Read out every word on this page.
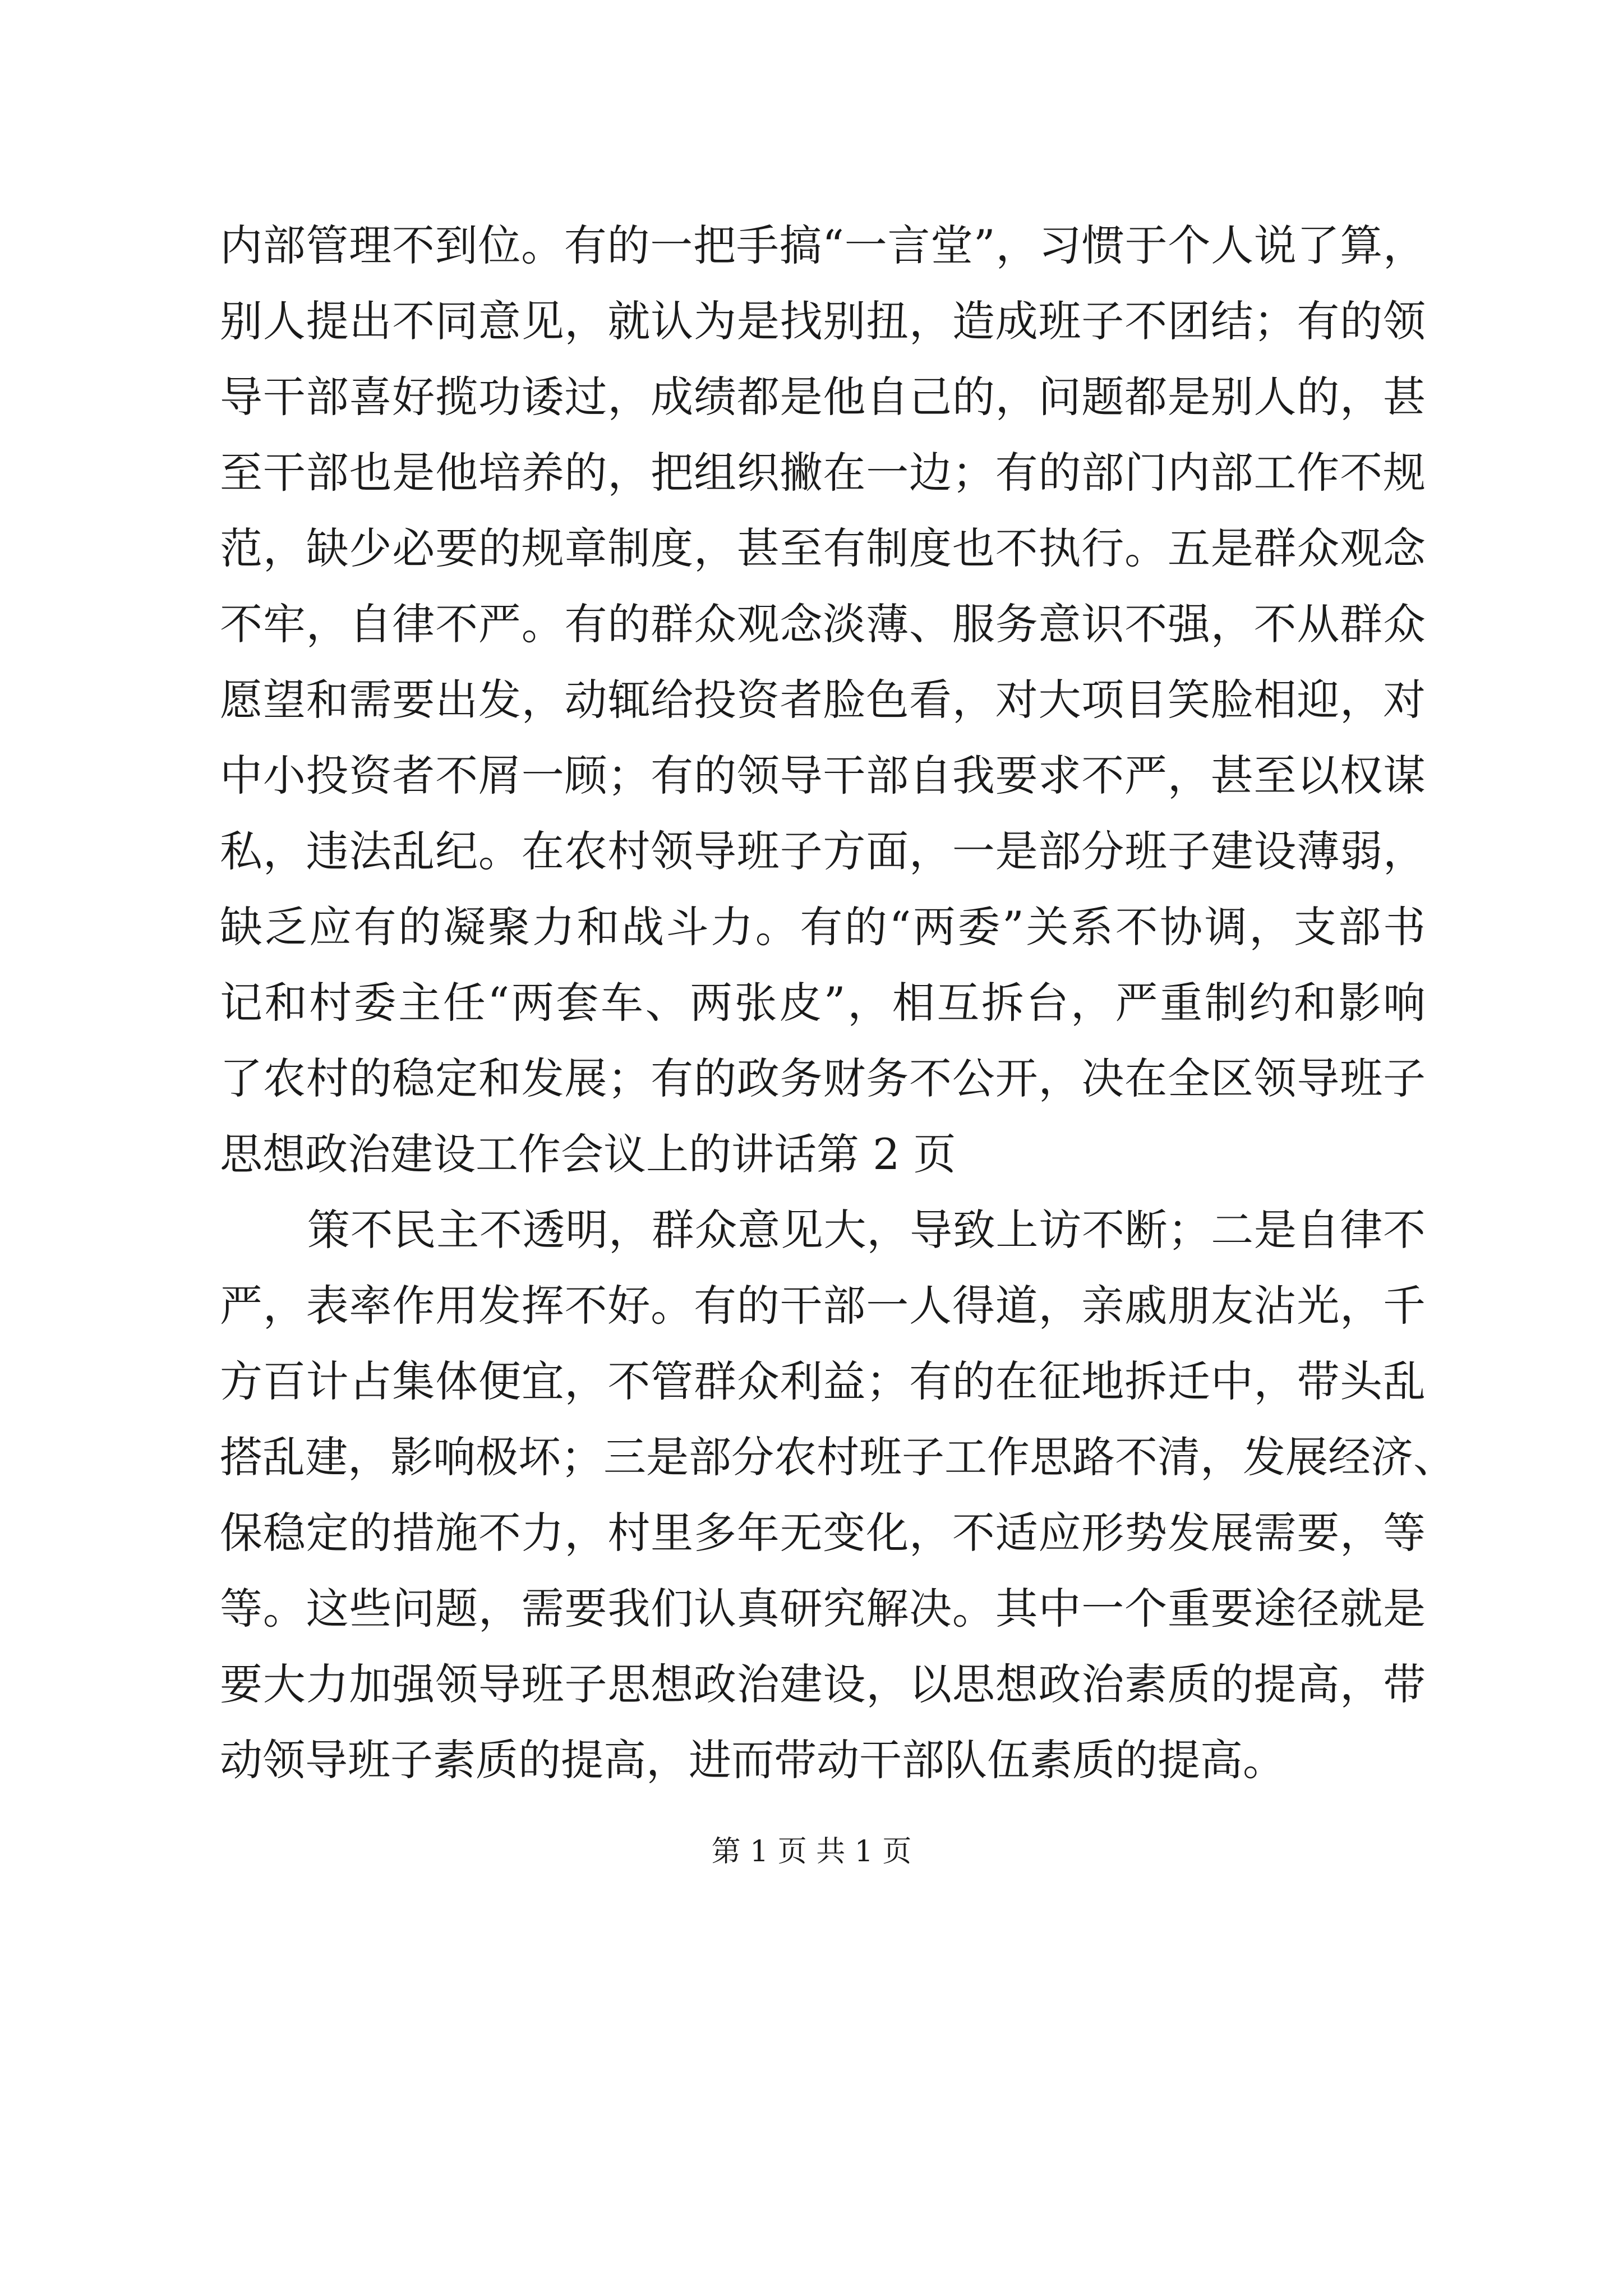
内部管理不到位。有的一把手搞“一言堂”，习惯于个人说了算，
别人提出不同意见，就认为是找别扭，造成班子不团结；有的领
导干部喜好揽功诿过，成绩都是他自己的，问题都是别人的，甚
至干部也是他培养的，把组织撇在一边；有的部门内部工作不规
范，缺少必要的规章制度，甚至有制度也不执行。五是群众观念
不牢，自律不严。有的群众观念淡薄、服务意识不强，不从群众
愿望和需要出发，动辄给投资者脸色看，对大项目笑脸相迎，对
中小投资者不屑一顾；有的领导干部自我要求不严，甚至以权谋
私，违法乱纪。在农村领导班子方面，一是部分班子建设薄弱，
缺乏应有的凝聚力和战斗力。有的“两委”关系不协调，支部书
记和村委主任“两套车、两张皮”，相互拆台，严重制约和影响
了农村的稳定和发展；有的政务财务不公开，决在全区领导班子
思想政治建设工作会议上的讲话第 2 页
策不民主不透明，群众意见大，导致上访不断；二是自律不
严，表率作用发挥不好。有的干部一人得道，亲戚朋友沾光，千
方百计占集体便宜，不管群众利益；有的在征地拆迁中，带头乱
搭乱建，影响极坏；三是部分农村班子工作思路不清，发展经济、
保稳定的措施不力，村里多年无变化，不适应形势发展需要，等
等。这些问题，需要我们认真研究解决。其中一个重要途径就是
要大力加强领导班子思想政治建设，以思想政治素质的提高，带
动领导班子素质的提高，进而带动干部队伍素质的提高。
第 1 页 共 1 页
